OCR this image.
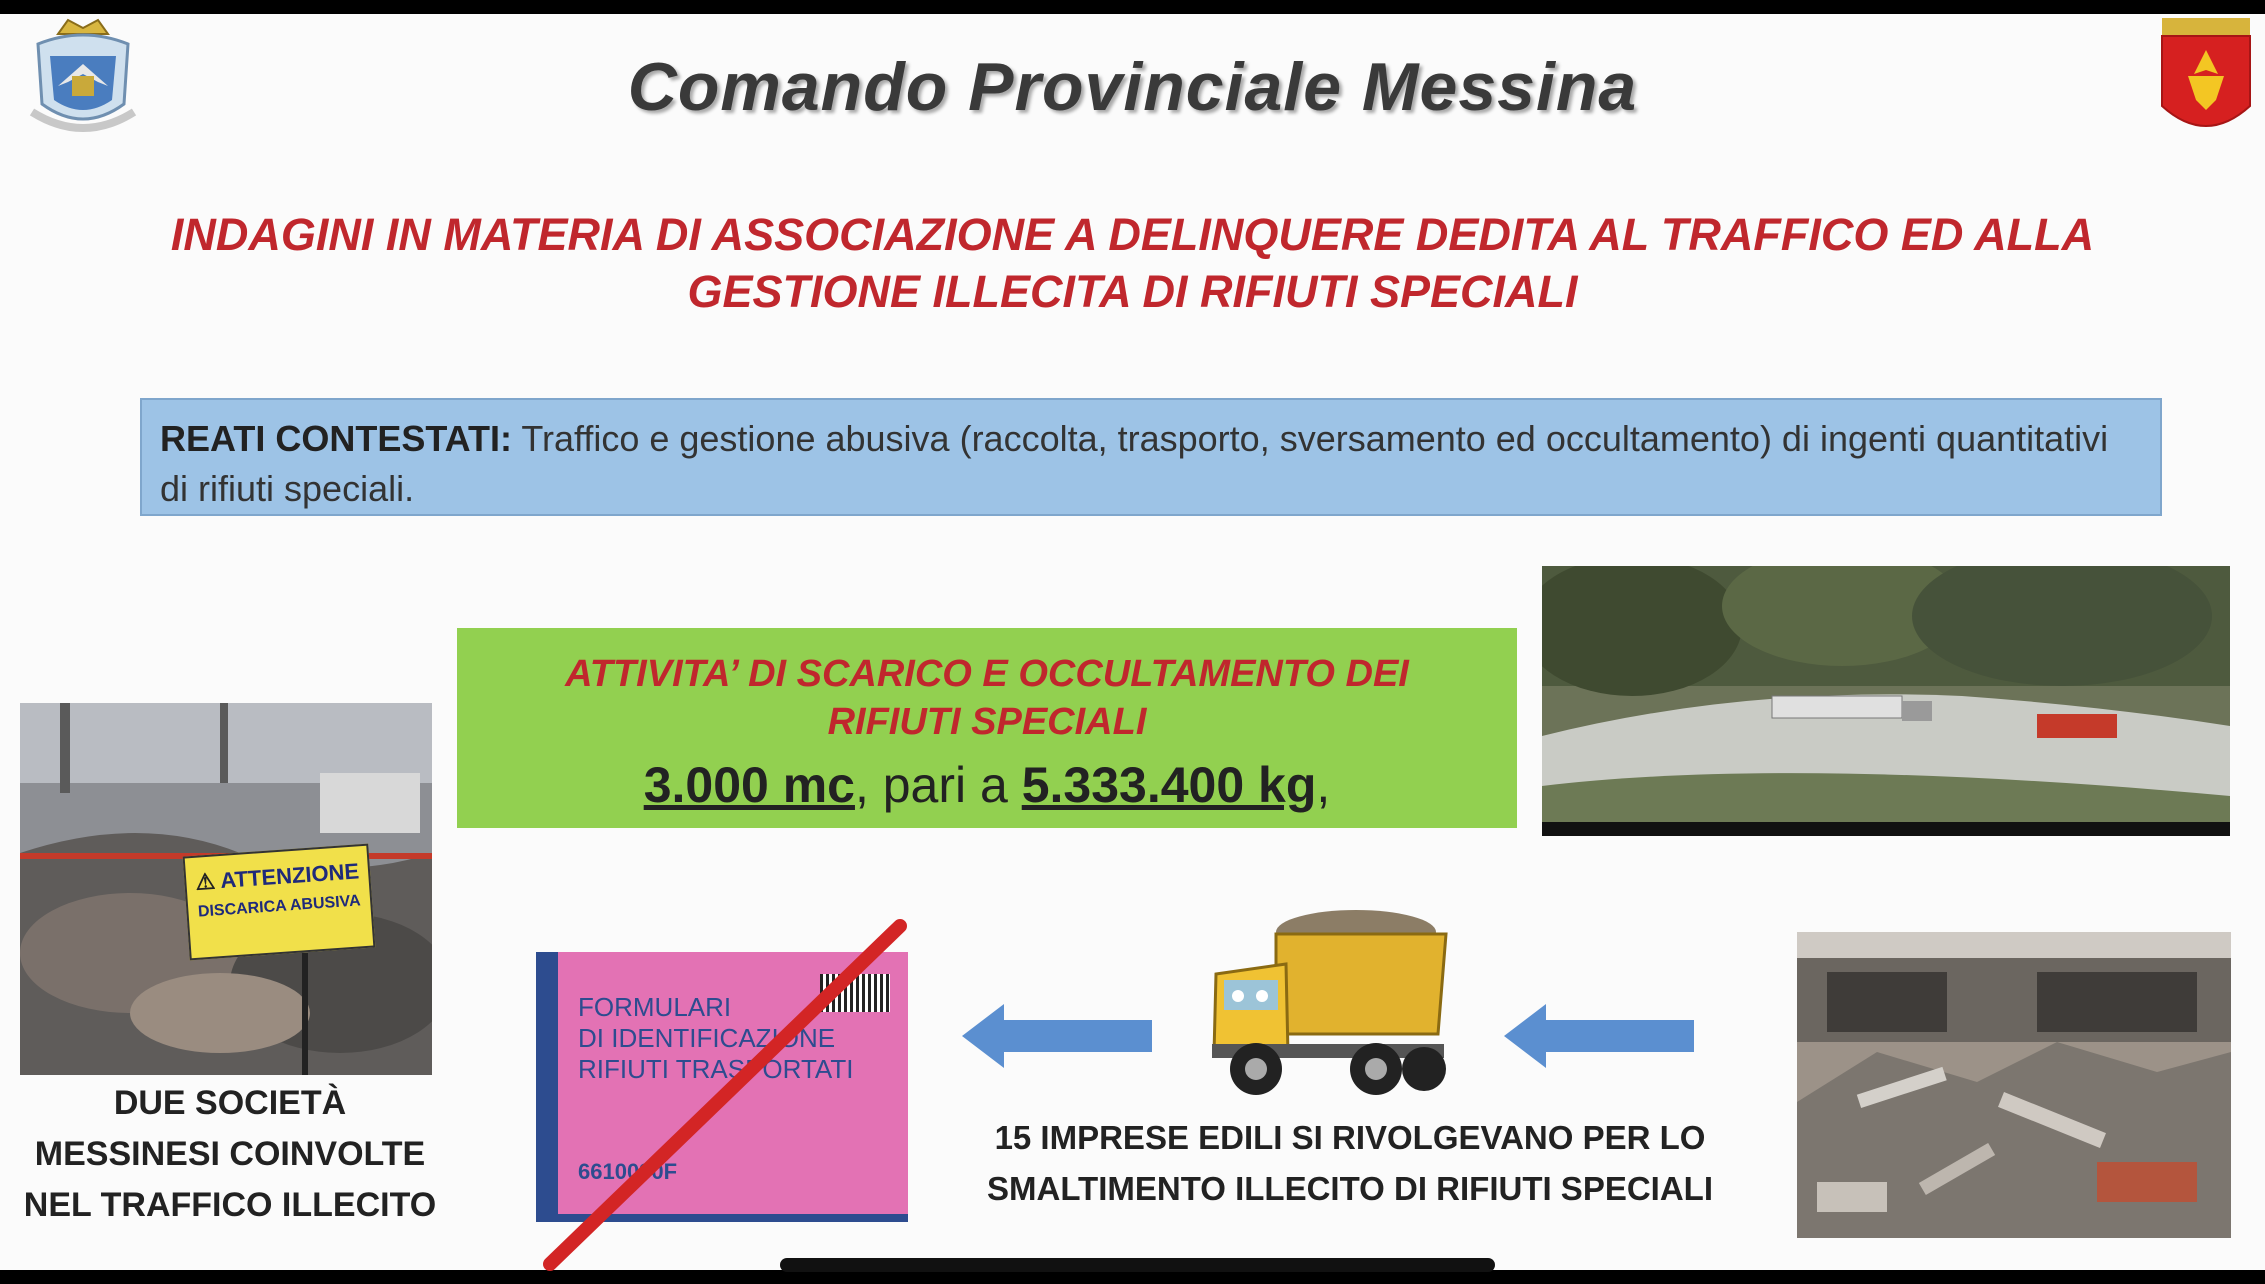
Comando Provinciale Messina
INDAGINI IN MATERIA DI ASSOCIAZIONE A DELINQUERE DEDITA AL TRAFFICO ED ALLA
GESTIONE ILLECITA DI RIFIUTI SPECIALI
REATI CONTESTATI: Traffico e gestione abusiva (raccolta, trasporto, sversamento ed occultamento) di ingenti quantitativi di rifiuti speciali.
ATTIVITA’ DI SCARICO E OCCULTAMENTO DEI
RIFIUTI SPECIALI
3.000 mc, pari a 5.333.400 kg,
⚠ ATTENZIONE
DISCARICA ABUSIVA
DUE SOCIETÀ
MESSINESI COINVOLTE
NEL TRAFFICO ILLECITO
FORMULARI
DI IDENTIFICAZIONE
RIFIUTI TRASPORTATI
6610030F
15 IMPRESE EDILI SI RIVOLGEVANO PER LO
SMALTIMENTO ILLECITO DI RIFIUTI SPECIALI
